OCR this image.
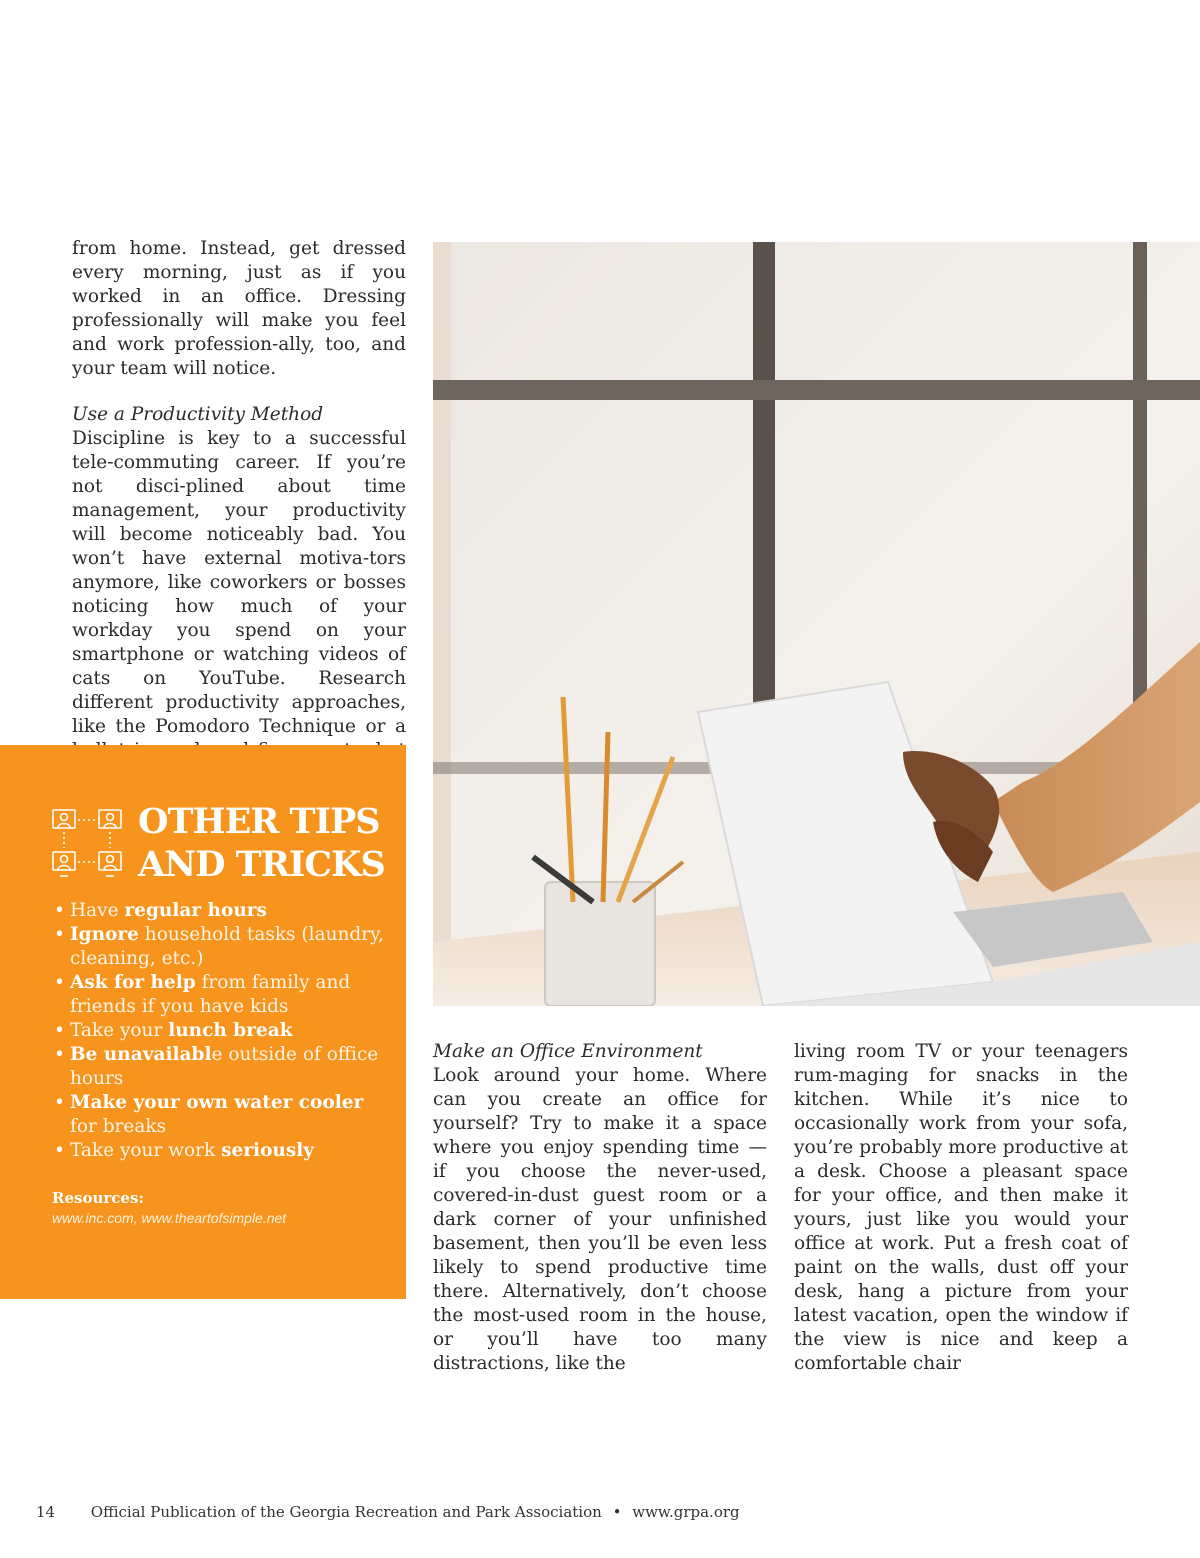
from home. Instead, get dressed every morning, just as if you worked in an office. Dressing professionally will make you feel and work profession-ally, too, and your team will notice.

Use a Productivity Method

Discipline is key to a successful tele-commuting career. If you’re not disci-plined about time management, your productivity will become noticeably bad. You won’t have external motiva-tors anymore, like coworkers or bosses noticing how much of your workday you spend on your smartphone or watching videos of cats on YouTube. Research different productivity approaches, like the Pomodoro Technique or a

OTHER TIPS
AND TRICKS
• Have regular hours
• Ignore household tasks (laundry, cleaning, etc.)
• Ask for help from family and friends if you have kids
• Take your lunch break
• Be unavailable outside of office hours
• Make your own water cooler for breaks
• Take your work seriously

Resources:

www.inc.com, www.theartofsimple.net

Make an Office Environment

Look around your home. Where can you create an office for yourself? Try to make it a space where you enjoy spending time — if you choose the never-used, covered-in-dust guest room or a dark corner of your unfinished basement, then you’ll be even less likely to spend productive time there. Alternatively, don’t choose the most-used room in the house, or you’ll have too many distractions, like the

living room TV or your teenagers rum-maging for snacks in the kitchen. While it’s nice to occasionally work from your sofa, you’re probably more productive at a desk. Choose a pleasant space for your office, and then make it yours, just like you would your office at work. Put a fresh coat of paint on the walls, dust off your desk, hang a picture from your latest vacation, open the window if the view is nice and keep a comfortable chair

14 Official Publication of the Georgia Recreation and Park Association • www.grpa.org
